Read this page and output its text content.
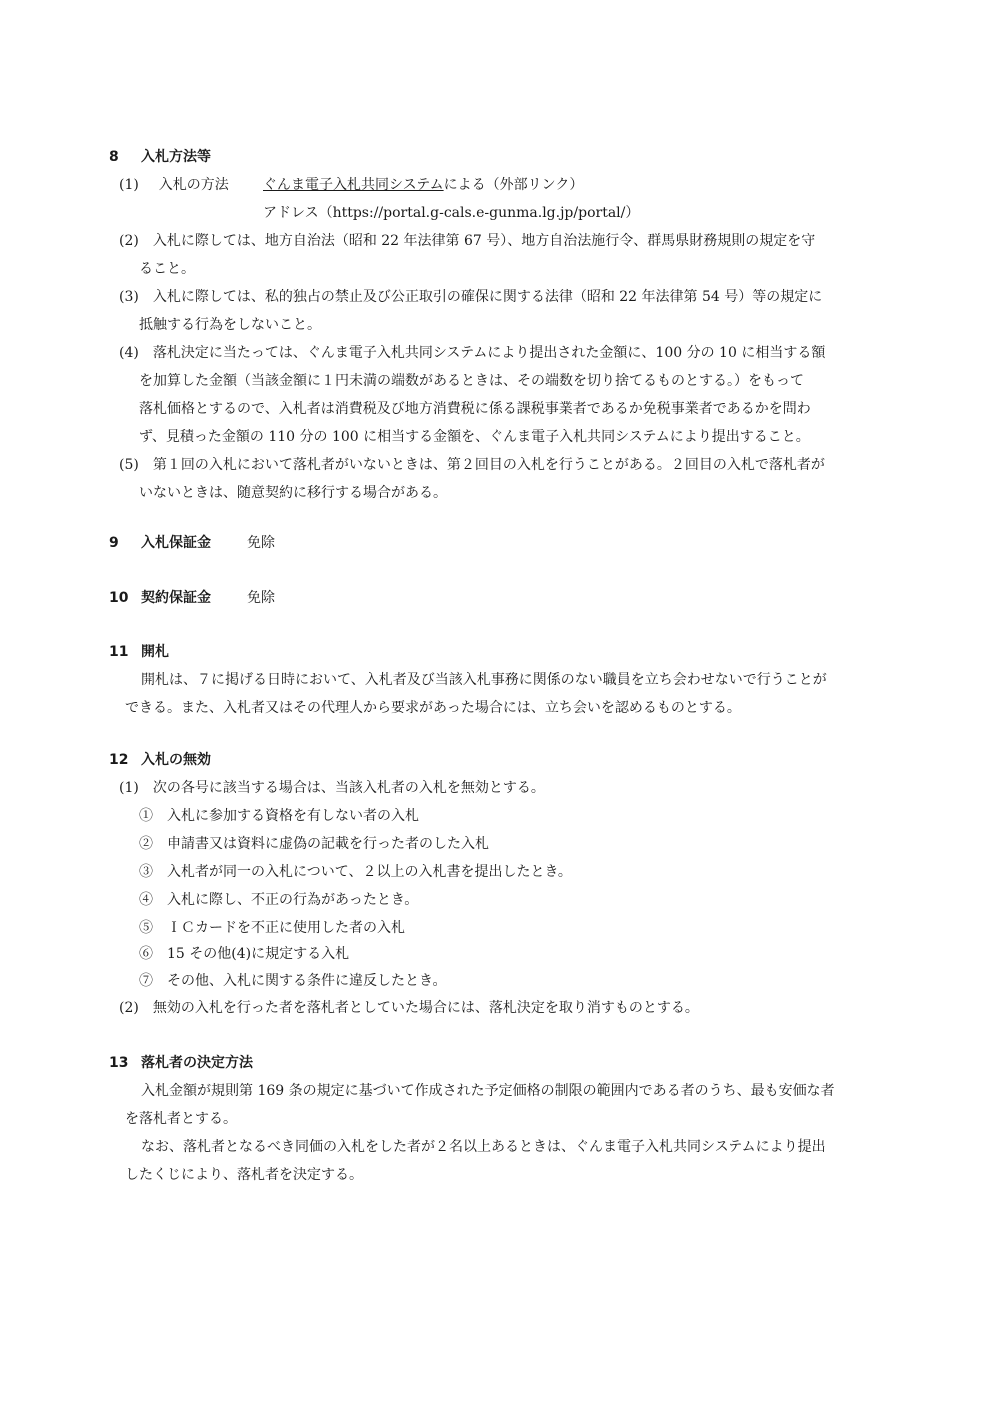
8 入札方法等
(1) 入札の方法 ぐんま電子入札共同システムによる（外部リンク）
アドレス（https://portal.g-cals.e-gunma.lg.jp/portal/）
(2)　入札に際しては、地方自治法（昭和 22 年法律第 67 号）、地方自治法施行令、群馬県財務規則の規定を守
ること。
(3)　入札に際しては、私的独占の禁止及び公正取引の確保に関する法律（昭和 22 年法律第 54 号）等の規定に
抵触する行為をしないこと。
(4)　落札決定に当たっては、ぐんま電子入札共同システムにより提出された金額に、100 分の 10 に相当する額
を加算した金額（当該金額に１円未満の端数があるときは、その端数を切り捨てるものとする。）をもって
落札価格とするので、入札者は消費税及び地方消費税に係る課税事業者であるか免税事業者であるかを問わ
ず、見積った金額の 110 分の 100 に相当する金額を、ぐんま電子入札共同システムにより提出すること。
(5)　第１回の入札において落札者がいないときは、第２回目の入札を行うことがある。２回目の入札で落札者が
いないときは、随意契約に移行する場合がある。
9 入札保証金	免除
10 契約保証金	免除
11 開札
開札は、７に掲げる日時において、入札者及び当該入札事務に関係のない職員を立ち会わせないで行うことが
できる。また、入札者又はその代理人から要求があった場合には、立ち会いを認めるものとする。
12 入札の無効
(1)　次の各号に該当する場合は、当該入札者の入札を無効とする。
①　入札に参加する資格を有しない者の入札
②　申請書又は資料に虚偽の記載を行った者のした入札
③　入札者が同一の入札について、２以上の入札書を提出したとき。
④　入札に際し、不正の行為があったとき。
⑤　ＩＣカードを不正に使用した者の入札
⑥　15 その他(4)に規定する入札
⑦　その他、入札に関する条件に違反したとき。
(2)　無効の入札を行った者を落札者としていた場合には、落札決定を取り消すものとする。
13 落札者の決定方法
入札金額が規則第 169 条の規定に基づいて作成された予定価格の制限の範囲内である者のうち、最も安価な者
を落札者とする。
なお、落札者となるべき同価の入札をした者が２名以上あるときは、ぐんま電子入札共同システムにより提出
したくじにより、落札者を決定する。
